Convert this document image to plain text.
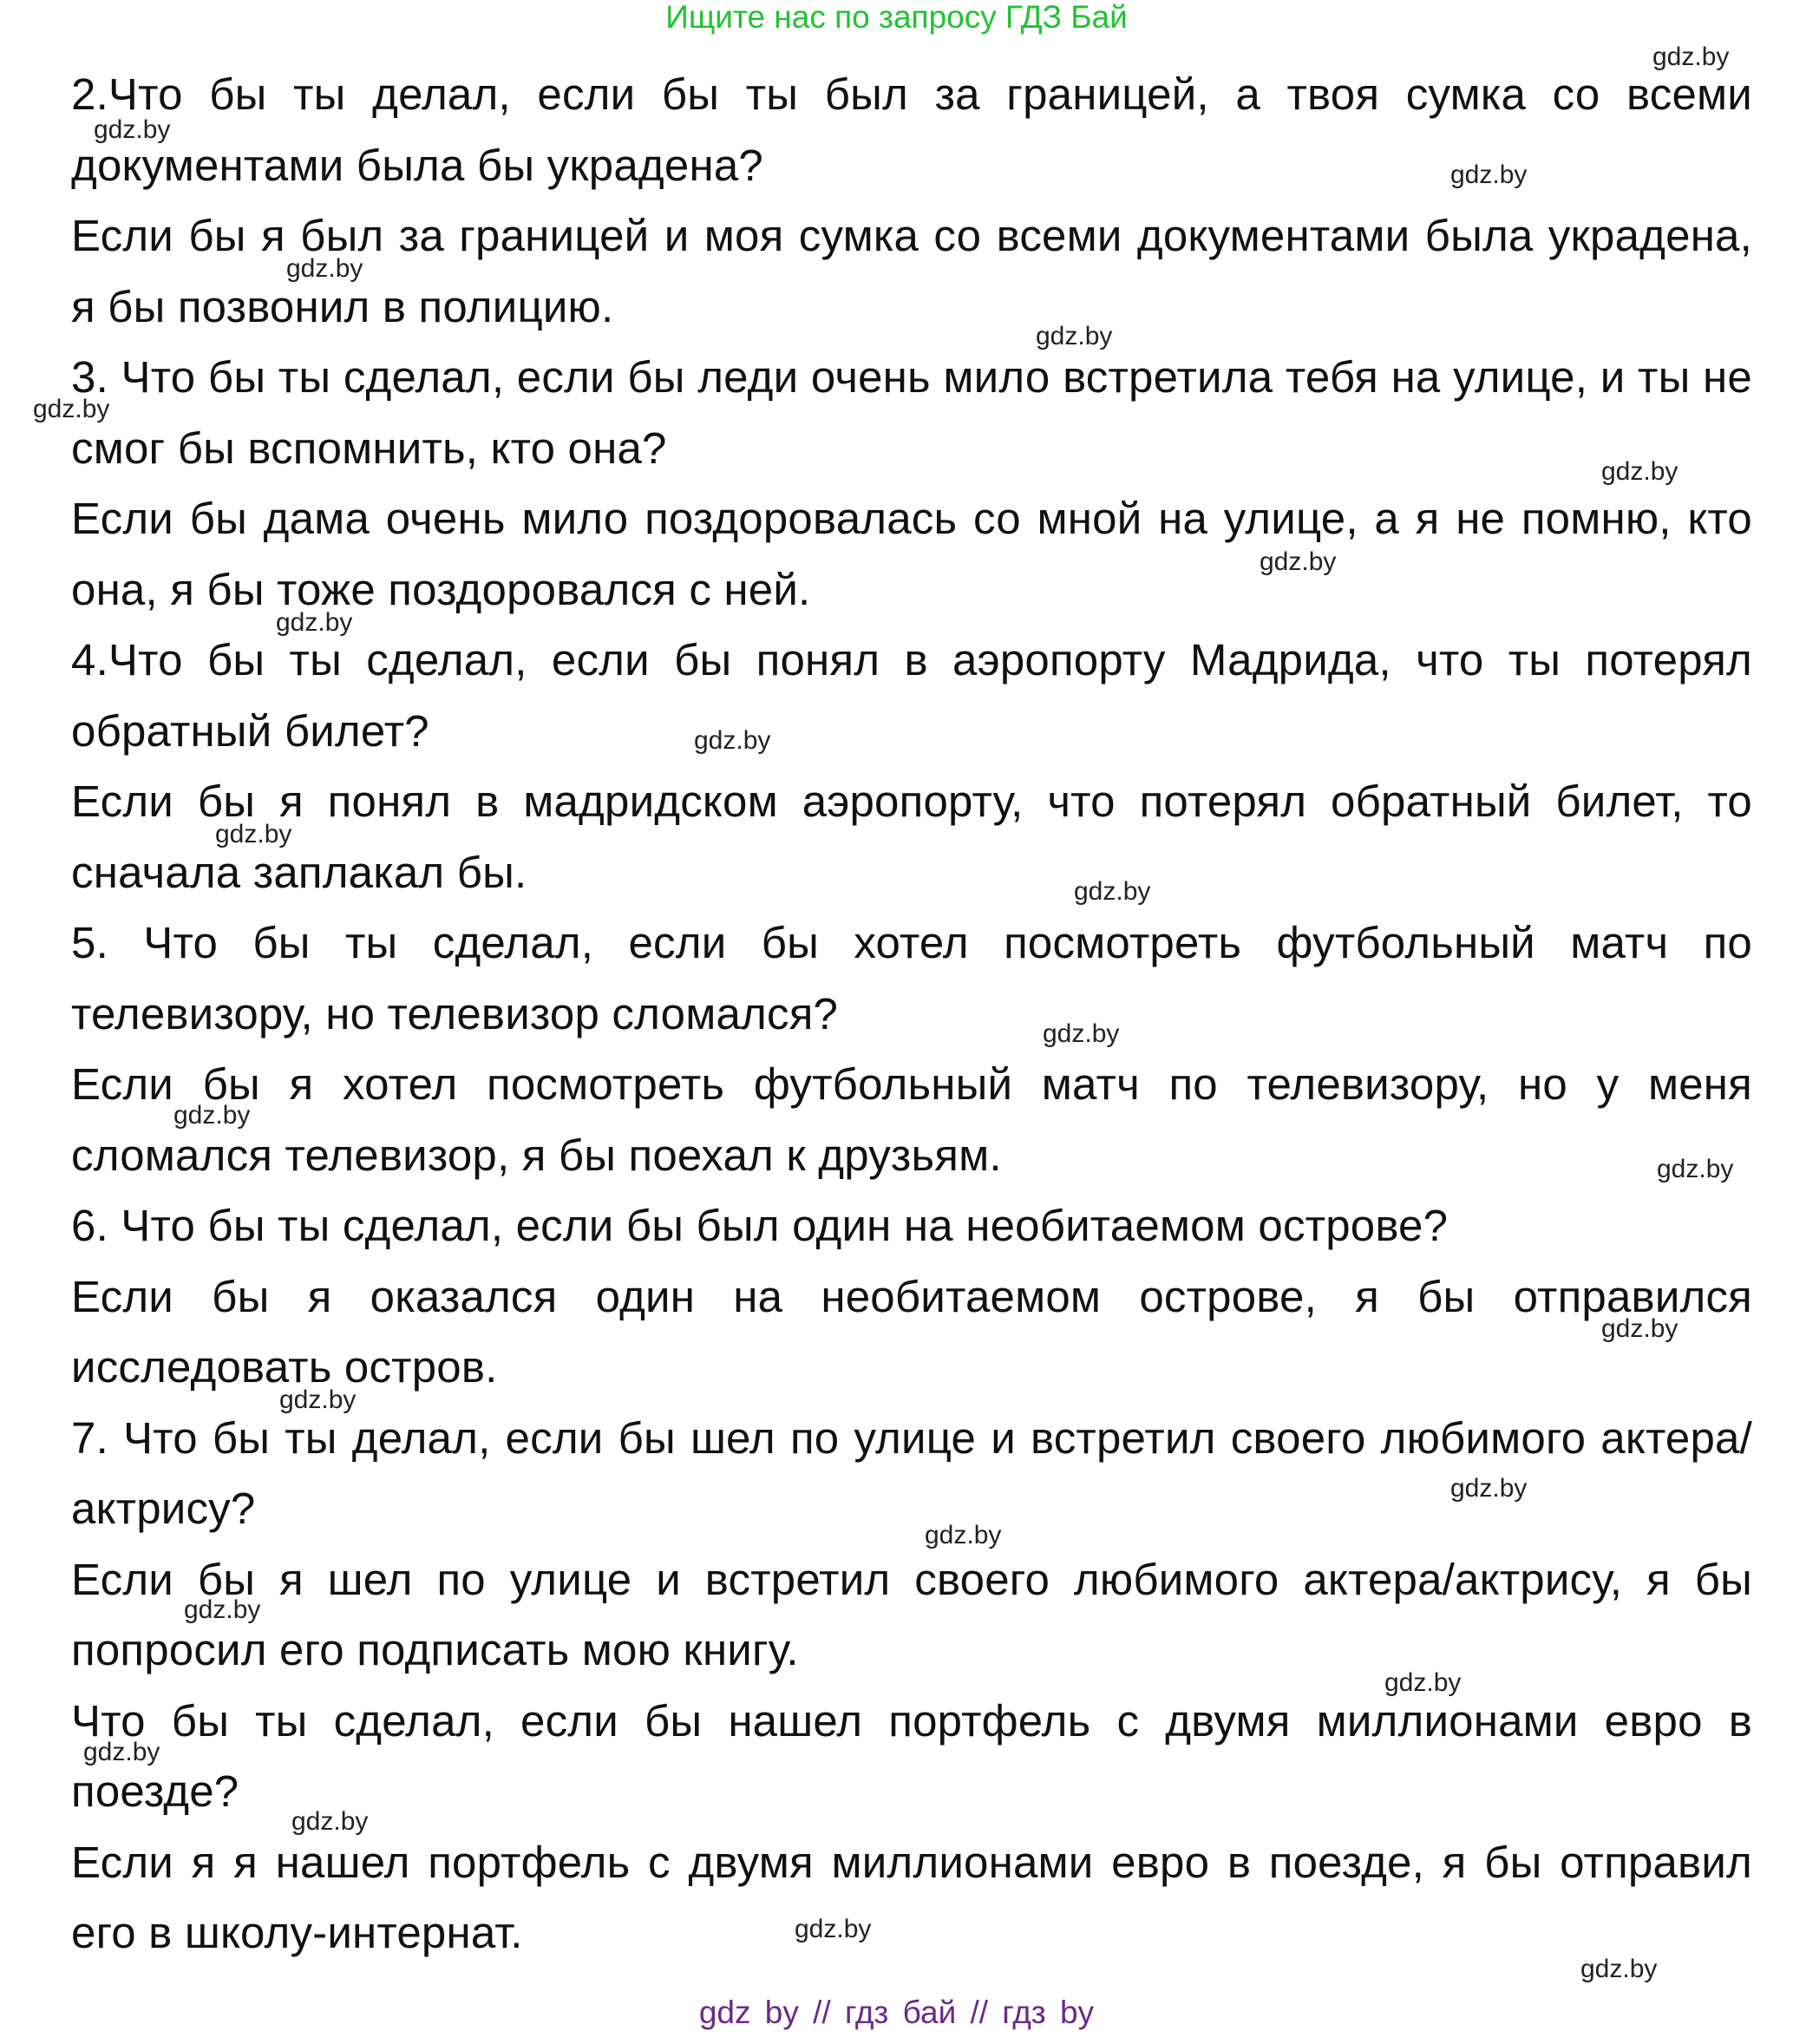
Ищите нас по запросу ГДЗ Бай

2.Что бы ты делал, если бы ты был за границей, а твоя сумка со всеми документами была бы украдена?

Если бы я был за границей и моя сумка со всеми документами была украдена, я бы позвонил в полицию.

3. Что бы ты сделал, если бы леди очень мило встретила тебя на улице, и ты не смог бы вспомнить, кто она?

Если бы дама очень мило поздоровалась со мной на улице, а я не помню, кто она, я бы тоже поздоровался с ней.

4.Что бы ты сделал, если бы понял в аэропорту Мадрида, что ты потерял обратный билет?

Если бы я понял в мадридском аэропорту, что потерял обратный билет, то сначала заплакал бы.

5. Что бы ты сделал, если бы хотел посмотреть футбольный матч по телевизору, но телевизор сломался?

Если бы я хотел посмотреть футбольный матч по телевизору, но у меня сломался телевизор, я бы поехал к друзьям.

6. Что бы ты сделал, если бы был один на необитаемом острове?

Если бы я оказался один на необитаемом острове, я бы отправился исследовать остров.

7. Что бы ты делал, если бы шел по улице и встретил своего любимого актера/актрису?

Если бы я шел по улице и встретил своего любимого актера/актрису, я бы попросил его подписать мою книгу.

Что бы ты сделал, если бы нашел портфель с двумя миллионами евро в поезде?

Если я я нашел портфель с двумя миллионами евро в поезде, я бы отправил его в школу-интернат.

gdz.by
gdz.by
gdz.by
gdz.by
gdz.by
gdz.by
gdz.by
gdz.by
gdz.by
gdz.by
gdz.by
gdz.by
gdz.by
gdz.by
gdz.by
gdz.by
gdz.by
gdz.by
gdz.by
gdz.by
gdz.by
gdz.by
gdz.by
gdz.by
gdz.by
gdz by // гдз бай // гдз by
